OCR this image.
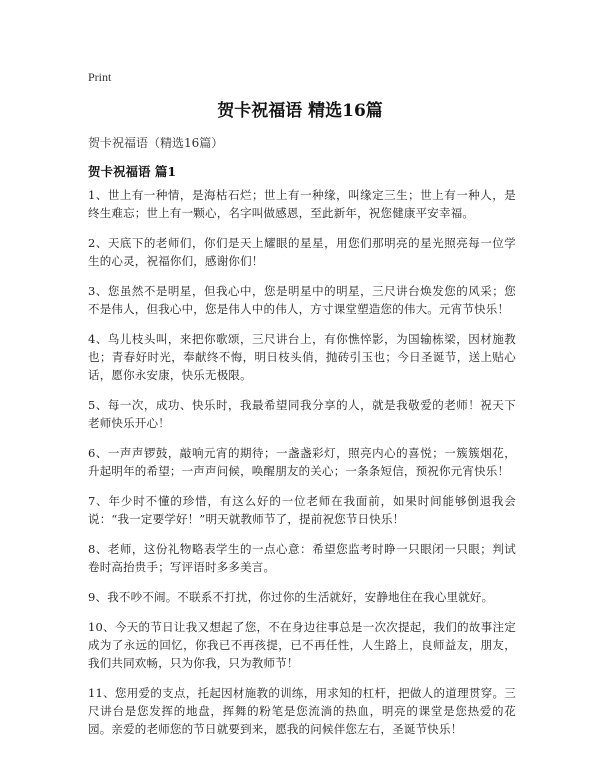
Print
贺卡祝福语 精选16篇
贺卡祝福语（精选16篇）
贺卡祝福语 篇1

1、世上有一种情，是海枯石烂；世上有一种缘，叫缘定三生；世上有一种人，是终生难忘；世上有一颗心，名字叫做感恩，至此新年，祝您健康平安幸福。

2、天底下的老师们，你们是天上耀眼的星星，用您们那明亮的星光照亮每一位学生的心灵，祝福你们，感谢你们！

3、您虽然不是明星，但我心中，您是明星中的明星，三尺讲台焕发您的风采；您不是伟人，但我心中，您是伟人中的伟人，方寸课堂塑造您的伟大。元宵节快乐！

4、鸟儿枝头叫，来把你歌颂，三尺讲台上，有你憔悴影，为国输栋梁，因材施教也；青春好时光，奉献终不悔，明日枝头俏，抛砖引玉也；今日圣诞节，送上贴心话，愿你永安康，快乐无极限。

5、每一次，成功、快乐时，我最希望同我分享的人，就是我敬爱的老师！祝天下老师快乐开心！

6、一声声锣鼓，敲响元宵的期待；一盏盏彩灯，照亮内心的喜悦；一簇簇烟花，升起明年的希望；一声声问候，唤醒朋友的关心；一条条短信，预祝你元宵快乐！

7、年少时不懂的珍惜，有这么好的一位老师在我面前，如果时间能够倒退我会说：“我一定要学好！”明天就教师节了，提前祝您节日快乐！

8、老师，这份礼物略表学生的一点心意：希望您监考时睁一只眼闭一只眼；判试卷时高抬贵手；写评语时多多美言。

9、我不吵不闹。不联系不打扰，你过你的生活就好，安静地住在我心里就好。

10、今天的节日让我又想起了您，不在身边往事总是一次次提起，我们的故事注定成为了永远的回忆，你我已不再孩提，已不再任性，人生路上，良师益友，朋友，我们共同欢畅，只为你我，只为教师节！

11、您用爱的支点，托起因材施教的训练，用求知的杠杆，把做人的道理贯穿。三尺讲台是您发挥的地盘，挥舞的粉笔是您流淌的热血，明亮的课堂是您热爱的花园。亲爱的老师您的节日就要到来，愿我的问候伴您左右，圣诞节快乐！
